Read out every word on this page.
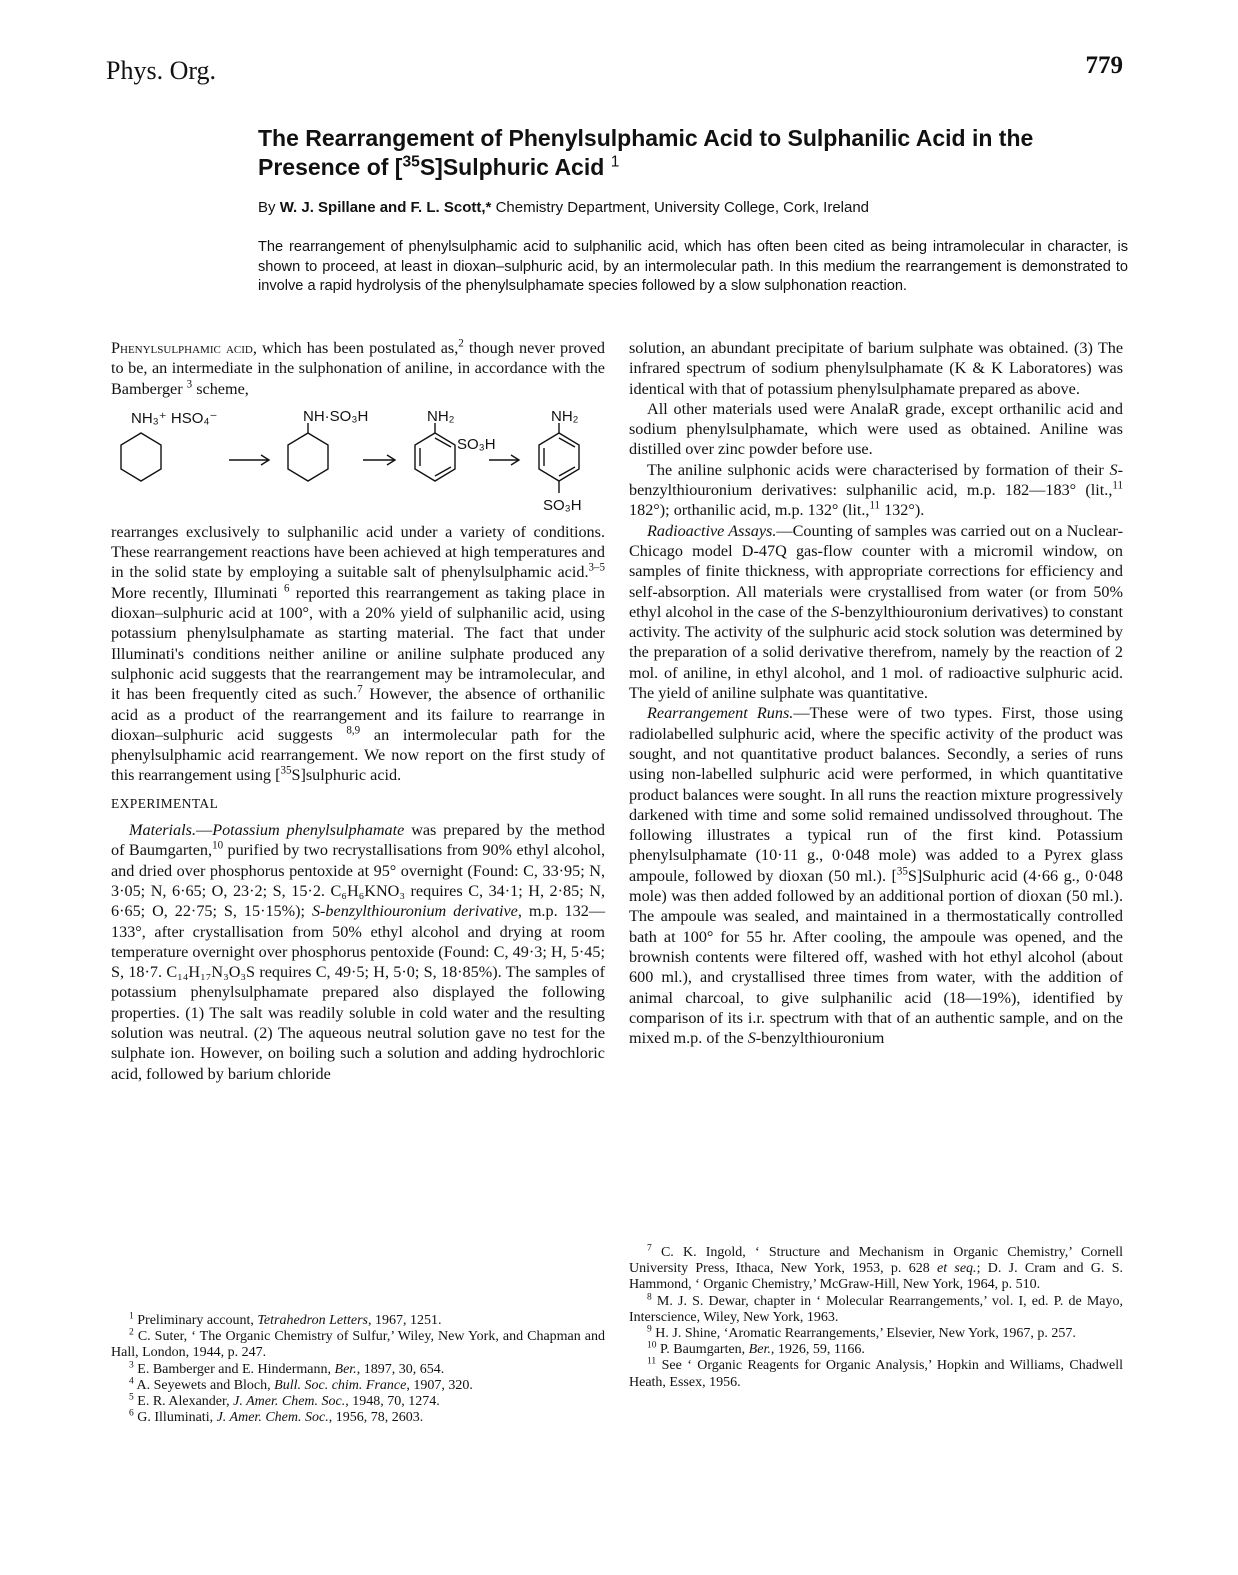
Phys. Org.	779
The Rearrangement of Phenylsulphamic Acid to Sulphanilic Acid in the
Presence of [$^{35}$S]Sulphuric Acid $^1$
By W. J. Spillane and F. L. Scott,* Chemistry Department, University College, Cork, Ireland
The rearrangement of phenylsulphamic acid to sulphanilic acid, which has often been cited as being intramolecular in character, is shown to proceed, at least in dioxan–sulphuric acid, by an intermolecular path. In this medium the rearrangement is demonstrated to involve a rapid hydrolysis of the phenylsulphamate species followed by a slow sulphonation reaction.

Phenylsulphamic acid, which has been postulated as,$^2$ though never proved to be, an intermediate in the sulphonation of aniline, in accordance with the Bamberger $^3$ scheme,

NH₃⁺ HSO₄⁻	NH·SO₃H	NH₂
SO₃H
NH₂
SO₃H

rearranges exclusively to sulphanilic acid under a variety of conditions. These rearrangement reactions have been achieved at high temperatures and in the solid state by employing a suitable salt of phenylsulphamic acid.$^{3-5}$ More recently, Illuminati $^6$ reported this rearrangement as taking place in dioxan–sulphuric acid at 100°, with a 20% yield of sulphanilic acid, using potassium phenylsulphamate as starting material. The fact that under Illuminati's conditions neither aniline or aniline sulphate produced any sulphonic acid suggests that the rearrangement may be intramolecular, and it has been frequently cited as such.$^7$ However, the absence of orthanilic acid as a product of the rearrangement and its failure to rearrange in dioxan–sulphuric acid suggests $^{8,9}$ an intermolecular path for the phenylsulphamic acid rearrangement. We now report on the first study of this rearrangement using [$^{35}$S]sulphuric acid.

EXPERIMENTAL

Materials.—Potassium phenylsulphamate was prepared by the method of Baumgarten,$^{10}$ purified by two recrystallisations from 90% ethyl alcohol, and dried over phosphorus pentoxide at 95° overnight (Found: C, 33·95; N, 3·05; N, 6·65; O, 23·2; S, 15·2. C₆H₆KNO₃ requires C, 34·1; H, 2·85; N, 6·65; O, 22·75; S, 15·15%); S-benzylthiouronium derivative, m.p. 132—133°, after crystallisation from 50% ethyl alcohol and drying at room temperature overnight over phosphorus pentoxide (Found: C, 49·3; H, 5·45; S, 18·7. C₁₄H₁₇N₃O₃S requires C, 49·5; H, 5·0; S, 18·85%). The samples of potassium phenylsulphamate prepared also displayed the following properties. (1) The salt was readily soluble in cold water and the resulting solution was neutral. (2) The aqueous neutral solution gave no test for the sulphate ion. However, on boiling such a solution and adding hydrochloric acid, followed by barium chloride

solution, an abundant precipitate of barium sulphate was obtained. (3) The infrared spectrum of sodium phenylsulphamate (K & K Laboratores) was identical with that of potassium phenylsulphamate prepared as above.

All other materials used were AnalaR grade, except orthanilic acid and sodium phenylsulphamate, which were used as obtained. Aniline was distilled over zinc powder before use.

The aniline sulphonic acids were characterised by formation of their S-benzylthiouronium derivatives: sulphanilic acid, m.p. 182—183° (lit.,$^{11}$ 182°); orthanilic acid, m.p. 132° (lit.,$^{11}$ 132°).

Radioactive Assays.—Counting of samples was carried out on a Nuclear-Chicago model D-47Q gas-flow counter with a micromil window, on samples of finite thickness, with appropriate corrections for efficiency and self-absorption. All materials were crystallised from water (or from 50% ethyl alcohol in the case of the S-benzylthiouronium derivatives) to constant activity. The activity of the sulphuric acid stock solution was determined by the preparation of a solid derivative therefrom, namely by the reaction of 2 mol. of aniline, in ethyl alcohol, and 1 mol. of radioactive sulphuric acid. The yield of aniline sulphate was quantitative.

Rearrangement Runs.—These were of two types. First, those using radiolabelled sulphuric acid, where the specific activity of the product was sought, and not quantitative product balances. Secondly, a series of runs using non-labelled sulphuric acid were performed, in which quantitative product balances were sought. In all runs the reaction mixture progressively darkened with time and some solid remained undissolved throughout. The following illustrates a typical run of the first kind. Potassium phenylsulphamate (10·11 g., 0·048 mole) was added to a Pyrex glass ampoule, followed by dioxan (50 ml.). [$^{35}$S]Sulphuric acid (4·66 g., 0·048 mole) was then added followed by an additional portion of dioxan (50 ml.). The ampoule was sealed, and maintained in a thermostatically controlled bath at 100° for 55 hr. After cooling, the ampoule was opened, and the brownish contents were filtered off, washed with hot ethyl alcohol (about 600 ml.), and crystallised three times from water, with the addition of animal charcoal, to give sulphanilic acid (18—19%), identified by comparison of its i.r. spectrum with that of an authentic sample, and on the mixed m.p. of the S-benzylthiouronium

$^1$ Preliminary account, Tetrahedron Letters, 1967, 1251.

$^2$ C. Suter, ‘ The Organic Chemistry of Sulfur,’ Wiley, New York, and Chapman and Hall, London, 1944, p. 247.

$^3$ E. Bamberger and E. Hindermann, Ber., 1897, 30, 654.

$^4$ A. Seyewets and Bloch, Bull. Soc. chim. France, 1907, 320.

$^5$ E. R. Alexander, J. Amer. Chem. Soc., 1948, 70, 1274.

$^6$ G. Illuminati, J. Amer. Chem. Soc., 1956, 78, 2603.

$^7$ C. K. Ingold, ‘ Structure and Mechanism in Organic Chemistry,’ Cornell University Press, Ithaca, New York, 1953, p. 628 et seq.; D. J. Cram and G. S. Hammond, ‘ Organic Chemistry,’ McGraw-Hill, New York, 1964, p. 510.

$^8$ M. J. S. Dewar, chapter in ‘ Molecular Rearrangements,’ vol. I, ed. P. de Mayo, Interscience, Wiley, New York, 1963.

$^9$ H. J. Shine, ‘Aromatic Rearrangements,’ Elsevier, New York, 1967, p. 257.

$^{10}$ P. Baumgarten, Ber., 1926, 59, 1166.

$^{11}$ See ‘ Organic Reagents for Organic Analysis,’ Hopkin and Williams, Chadwell Heath, Essex, 1956.
